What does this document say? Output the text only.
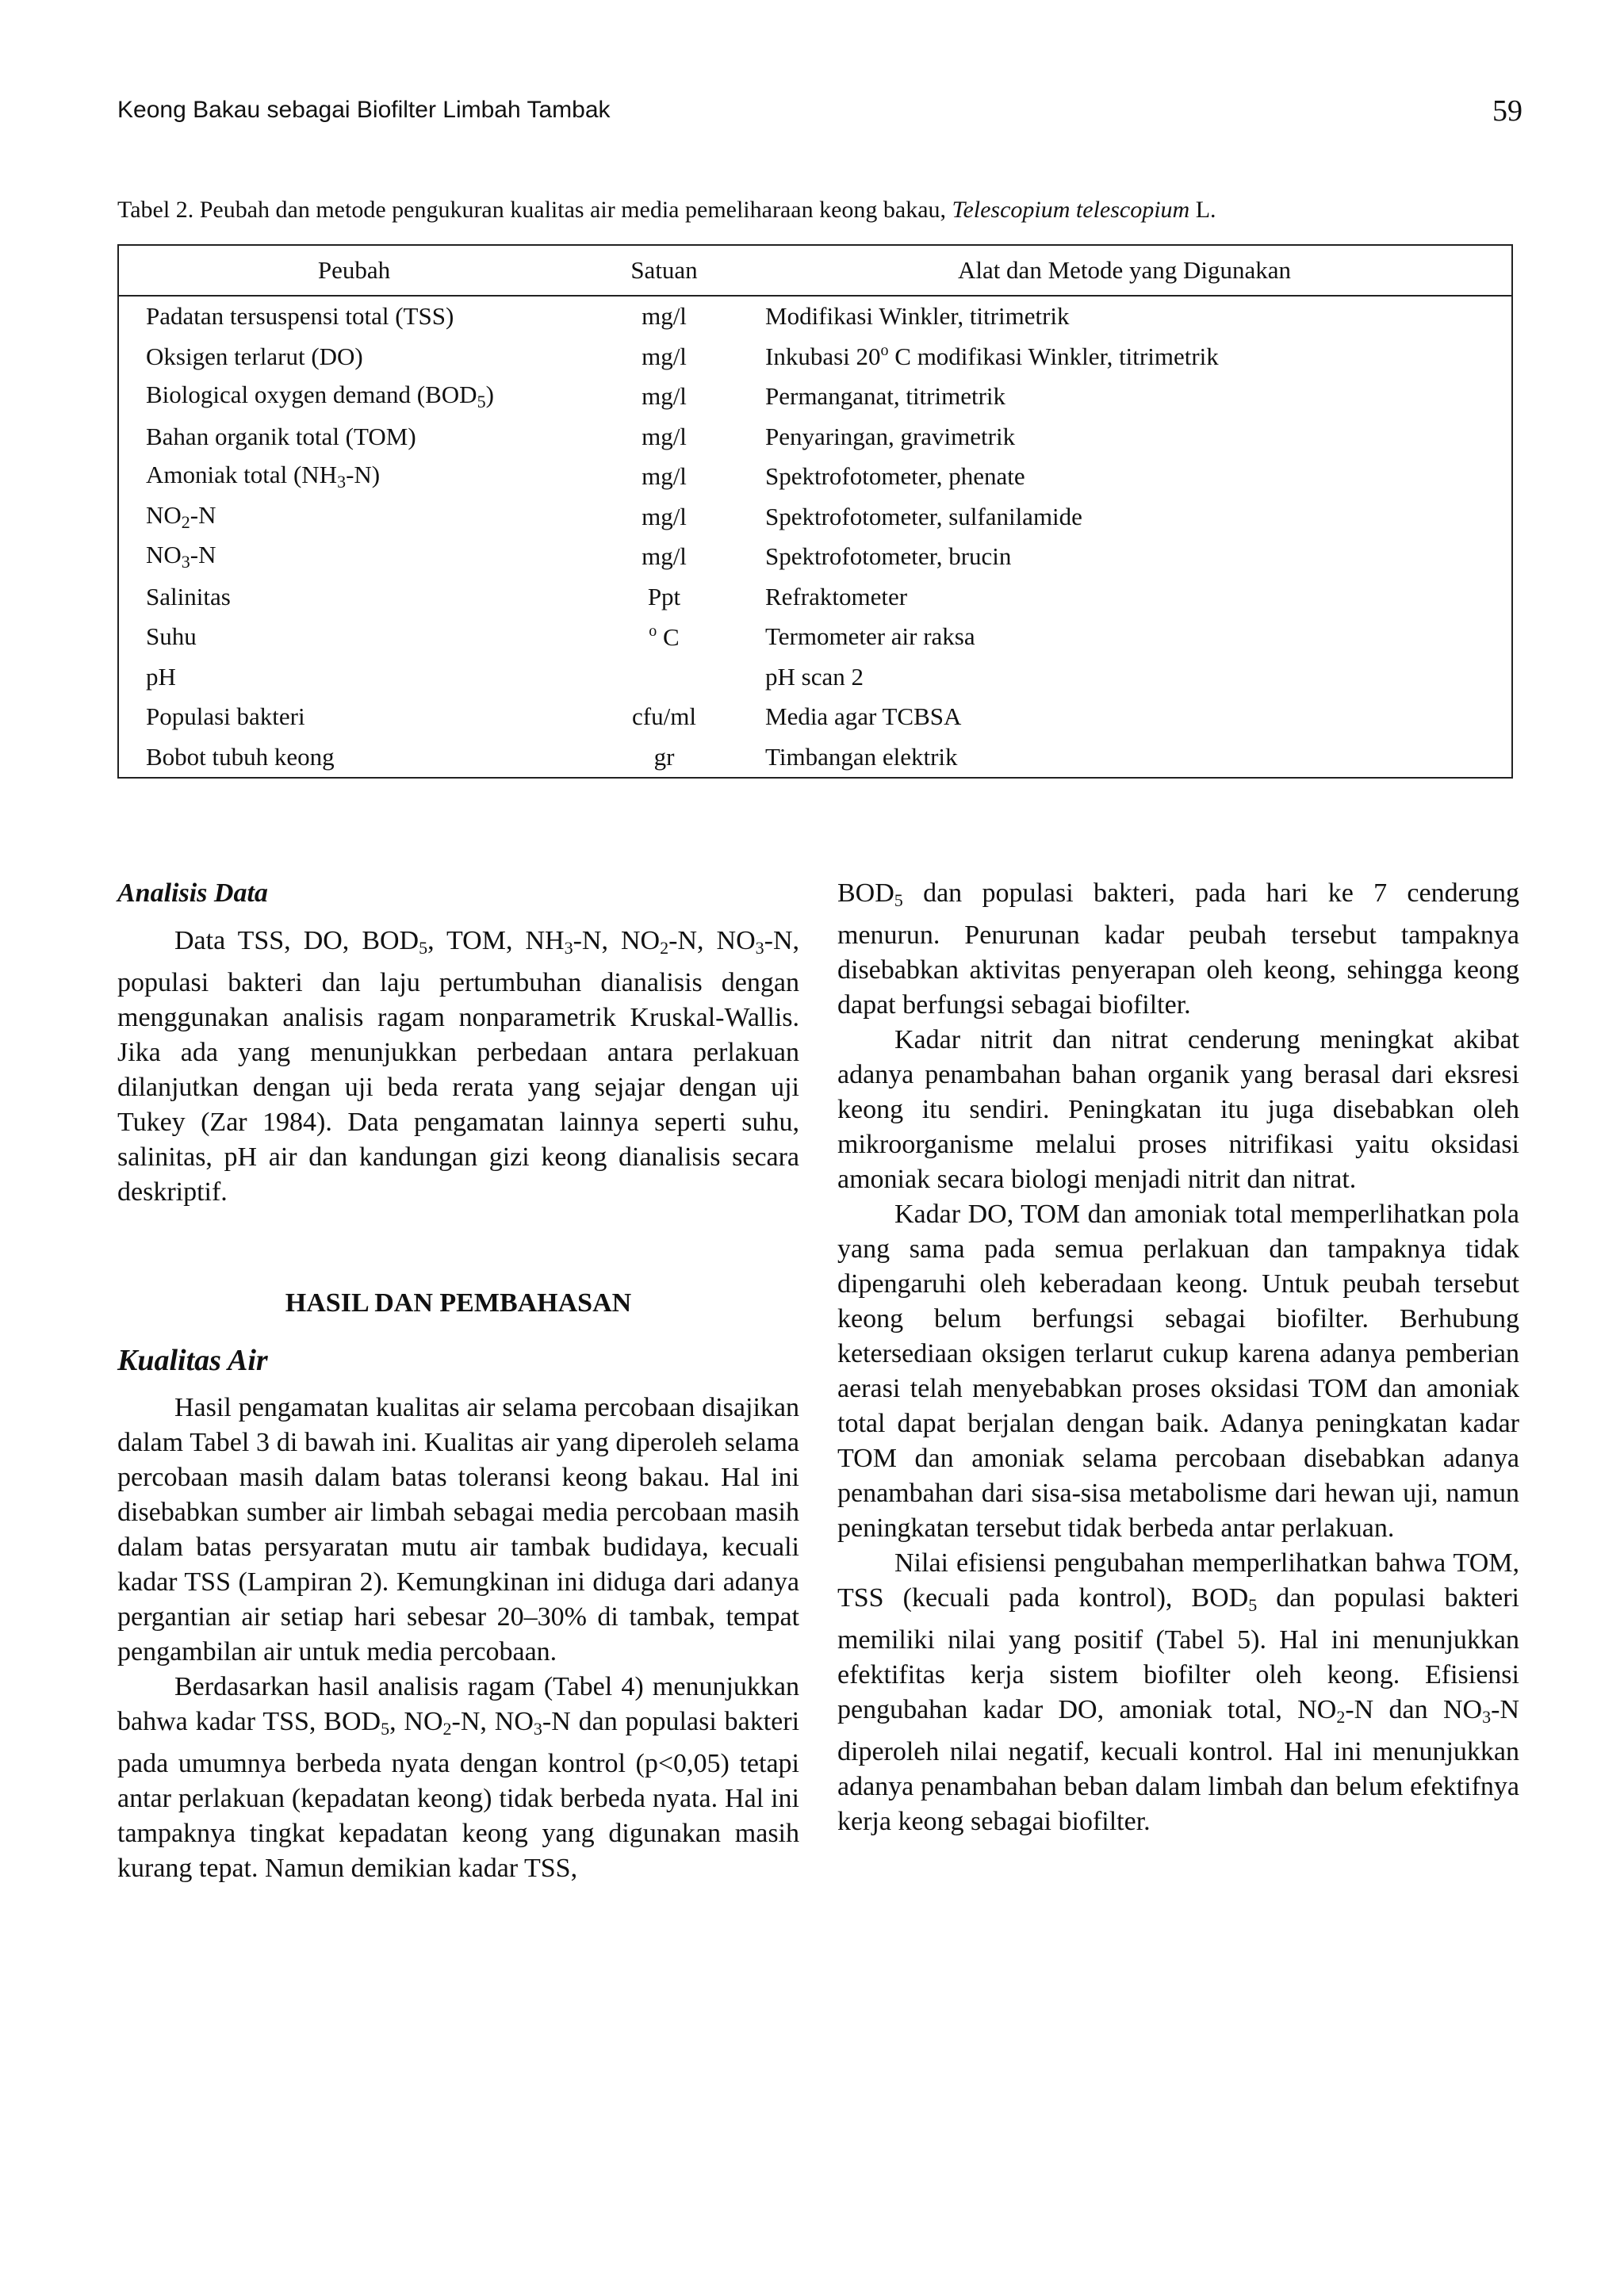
Keong Bakau sebagai Biofilter Limbah Tambak	59
Tabel 2. Peubah dan metode pengukuran kualitas air media pemeliharaan keong bakau, Telescopium telescopium L.
Peubah	Satuan	Alat dan Metode yang Digunakan
Padatan tersuspensi total (TSS)	mg/l	Modifikasi Winkler, titrimetrik
Oksigen terlarut (DO)	mg/l	Inkubasi 20$^o$ C modifikasi Winkler, titrimetrik
Biological oxygen demand $(BOD_5)$	mg/l	Permanganat, titrimetrik
Bahan organik total (TOM)	mg/l	Penyaringan, gravimetrik
Amoniak total $(NH_3-N)$	mg/l	Spektrofotometer, phenate
$NO_2-N$	mg/l	Spektrofotometer, sulfanilamide
$NO_3-N$	mg/l	Spektrofotometer, brucin
Salinitas	Ppt	Refraktometer
Suhu	$^o$ C	Termometer air raksa
pH		pH scan 2
Populasi bakteri	cfu/ml	Media agar TCBSA
Bobot tubuh keong	gr	Timbangan elektrik
Analisis Data

Data TSS, DO, $BOD_5$, TOM, $NH_3-N$, $NO_2-N$, $NO_3-N$, populasi bakteri dan laju pertumbuhan dianalisis dengan menggunakan analisis ragam nonparametrik Kruskal-Wallis. Jika ada yang menunjukkan perbedaan antara perlakuan dilanjutkan dengan uji beda rerata yang sejajar dengan uji Tukey (Zar 1984). Data pengamatan lainnya seperti suhu, salinitas, pH air dan kandungan gizi keong dianalisis secara deskriptif.

HASIL DAN PEMBAHASAN
Kualitas Air

Hasil pengamatan kualitas air selama percobaan disajikan dalam Tabel 3 di bawah ini. Kualitas air yang diperoleh selama percobaan masih dalam batas toleransi keong bakau. Hal ini disebabkan sumber air limbah sebagai media percobaan masih dalam batas persyaratan mutu air tambak budidaya, kecuali kadar TSS (Lampiran 2). Kemungkinan ini diduga dari adanya pergantian air setiap hari sebesar 20–30% di tambak, tempat pengambilan air untuk media percobaan.

Berdasarkan hasil analisis ragam (Tabel 4) menunjukkan bahwa kadar TSS, $BOD_5$, $NO_2-N$, $NO_3-N$ dan populasi bakteri pada umumnya berbeda nyata dengan kontrol (p<0,05) tetapi antar perlakuan (kepadatan keong) tidak berbeda nyata. Hal ini tampaknya tingkat kepadatan keong yang digunakan masih kurang tepat. Namun demikian kadar TSS,

$BOD_5$ dan populasi bakteri, pada hari ke 7 cenderung menurun. Penurunan kadar peubah tersebut tampaknya disebabkan aktivitas penyerapan oleh keong, sehingga keong dapat berfungsi sebagai biofilter.

Kadar nitrit dan nitrat cenderung meningkat akibat adanya penambahan bahan organik yang berasal dari eksresi keong itu sendiri. Peningkatan itu juga disebabkan oleh mikroorganisme melalui proses nitrifikasi yaitu oksidasi amoniak secara biologi menjadi nitrit dan nitrat.

Kadar DO, TOM dan amoniak total memperlihatkan pola yang sama pada semua perlakuan dan tampaknya tidak dipengaruhi oleh keberadaan keong. Untuk peubah tersebut keong belum berfungsi sebagai biofilter. Berhubung ketersediaan oksigen terlarut cukup karena adanya pemberian aerasi telah menyebabkan proses oksidasi TOM dan amoniak total dapat berjalan dengan baik. Adanya peningkatan kadar TOM dan amoniak selama percobaan disebabkan adanya penambahan dari sisa-sisa metabolisme dari hewan uji, namun peningkatan tersebut tidak berbeda antar perlakuan.

Nilai efisiensi pengubahan memperlihatkan bahwa TOM, TSS (kecuali pada kontrol), $BOD_5$ dan populasi bakteri memiliki nilai yang positif (Tabel 5). Hal ini menunjukkan efektifitas kerja sistem biofilter oleh keong. Efisiensi pengubahan kadar DO, amoniak total, $NO_2-N$ dan $NO_3-N$ diperoleh nilai negatif, kecuali kontrol. Hal ini menunjukkan adanya penambahan beban dalam limbah dan belum efektifnya kerja keong sebagai biofilter.
